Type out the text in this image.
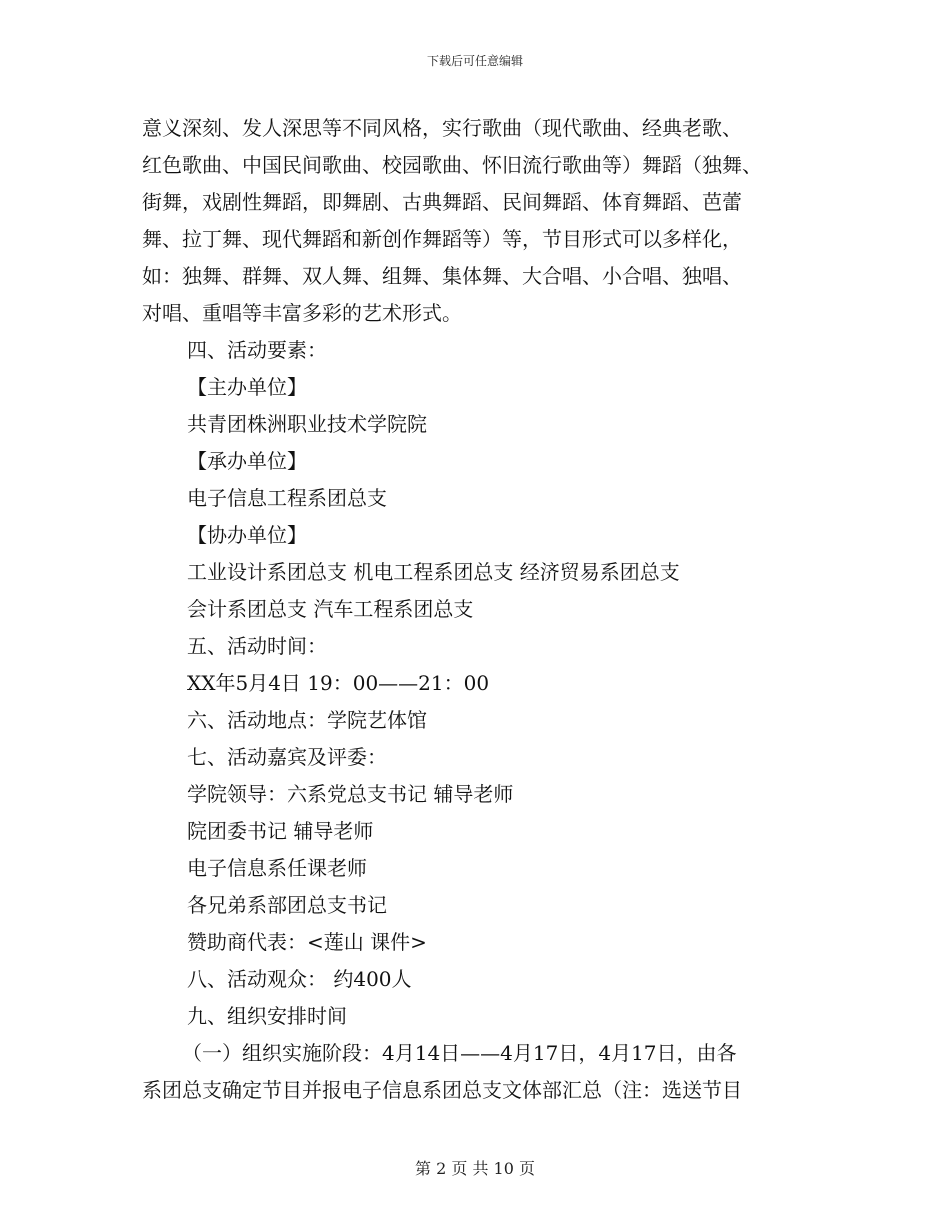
下载后可任意编辑
意义深刻、发人深思等不同风格，实行歌曲（现代歌曲、经典老歌、
红色歌曲、中国民间歌曲、校园歌曲、怀旧流行歌曲等）舞蹈（独舞、
街舞，戏剧性舞蹈，即舞剧、古典舞蹈、民间舞蹈、体育舞蹈、芭蕾
舞、拉丁舞、现代舞蹈和新创作舞蹈等）等，节目形式可以多样化，
如：独舞、群舞、双人舞、组舞、集体舞、大合唱、小合唱、独唱、
对唱、重唱等丰富多彩的艺术形式。
四、活动要素：
【主办单位】
共青团株洲职业技术学院院
【承办单位】
电子信息工程系团总支
【协办单位】
工业设计系团总支 机电工程系团总支 经济贸易系团总支
会计系团总支 汽车工程系团总支
五、活动时间：
XX年5月4日 19：00——21：00
六、活动地点：学院艺体馆
七、活动嘉宾及评委：
学院领导：六系党总支书记 辅导老师
院团委书记 辅导老师
电子信息系任课老师
各兄弟系部团总支书记
赞助商代表：<莲山 课件>
八、活动观众： 约400人
九、组织安排时间
（一）组织实施阶段：4月14日——4月17日，4月17日，由各
系团总支确定节目并报电子信息系团总支文体部汇总（注：选送节目
第 2 页 共 10 页
